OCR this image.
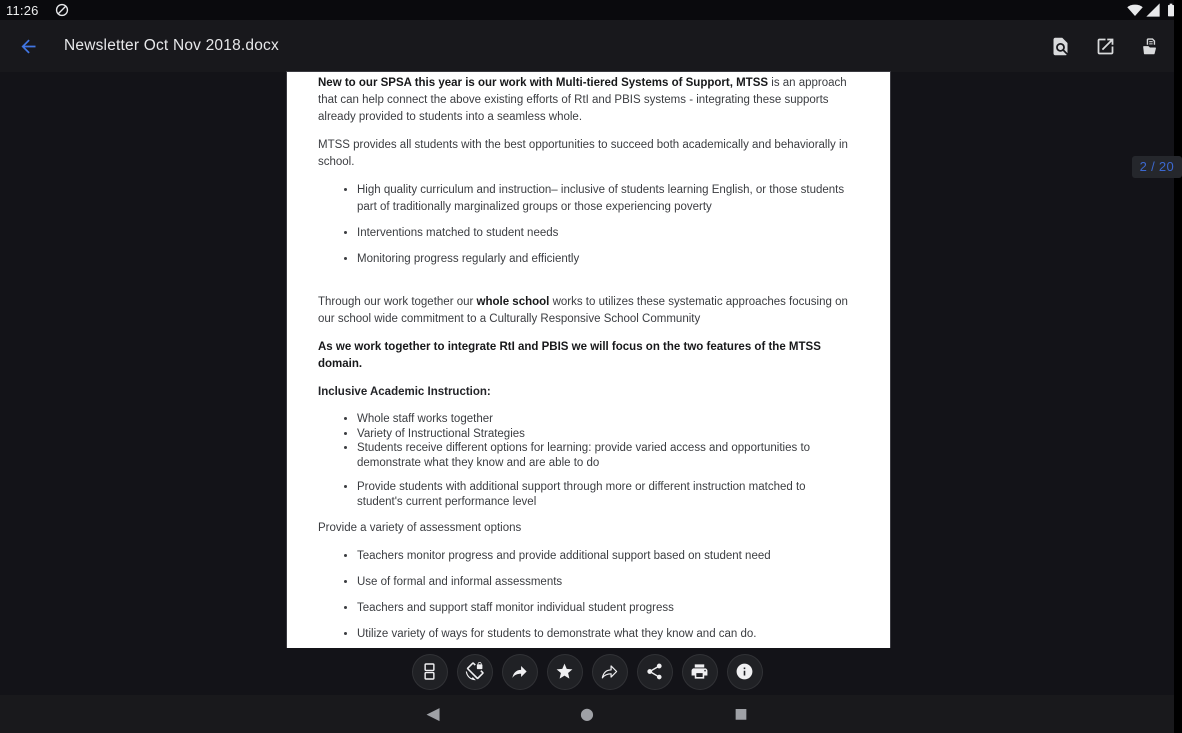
11:26
Newsletter Oct Nov 2018.docx

New to our SPSA this year is our work with Multi-tiered Systems of Support, MTSS is an approach that can help connect the above existing efforts of RtI and PBIS systems - integrating these supports already provided to students into a seamless whole.

MTSS provides all students with the best opportunities to succeed both academically and behaviorally in school.

• High quality curriculum and instruction– inclusive of students learning English, or those students part of traditionally marginalized groups or those experiencing poverty
• Interventions matched to student needs
• Monitoring progress regularly and efficiently

Through our work together our whole school works to utilizes these systematic approaches focusing on our school wide commitment to a Culturally Responsive School Community

As we work together to integrate RtI and PBIS we will focus on the two features of the MTSS domain.

Inclusive Academic Instruction:

• Whole staff works together
• Variety of Instructional Strategies
• Students receive different options for learning: provide varied access and opportunities to demonstrate what they know and are able to do
• Provide students with additional support through more or different instruction matched to student's current performance level

Provide a variety of assessment options

• Teachers monitor progress and provide additional support based on student need
• Use of formal and informal assessments
• Teachers and support staff monitor individual student progress
• Utilize variety of ways for students to demonstrate what they know and can do.

2 / 20
◀	●	■
